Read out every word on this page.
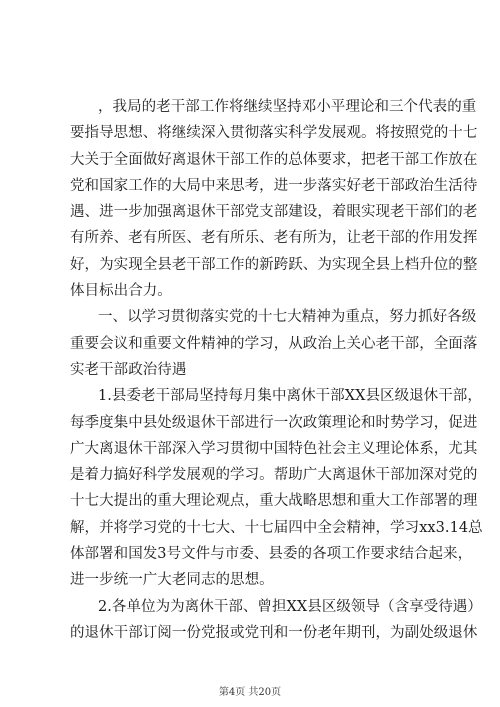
，我局的老干部工作将继续坚持邓小平理论和三个代表的重
要指导思想、将继续深入贯彻落实科学发展观。将按照党的十七
大关于全面做好离退休干部工作的总体要求，把老干部工作放在
党和国家工作的大局中来思考，进一步落实好老干部政治生活待
遇、进一步加强离退休干部党支部建设，着眼实现老干部们的老
有所养、老有所医、老有所乐、老有所为，让老干部的作用发挥
好，为实现全县老干部工作的新跨跃、为实现全县上档升位的整
体目标出合力。
一、以学习贯彻落实党的十七大精神为重点，努力抓好各级
重要会议和重要文件精神的学习，从政治上关心老干部，全面落
实老干部政治待遇
1.县委老干部局坚持每月集中离休干部XX县区级退休干部，
每季度集中县处级退休干部进行一次政策理论和时势学习，促进
广大离退休干部深入学习贯彻中国特色社会主义理论体系，尤其
是着力搞好科学发展观的学习。帮助广大离退休干部加深对党的
十七大提出的重大理论观点，重大战略思想和重大工作部署的理
解，并将学习党的十七大、十七届四中全会精神，学习xx3.14总
体部署和国发3号文件与市委、县委的各项工作要求结合起来，
进一步统一广大老同志的思想。
2.各单位为为离休干部、曾担XX县区级领导（含享受待遇）
的退休干部订阅一份党报或党刊和一份老年期刊，为副处级退休
第4页 共20页
